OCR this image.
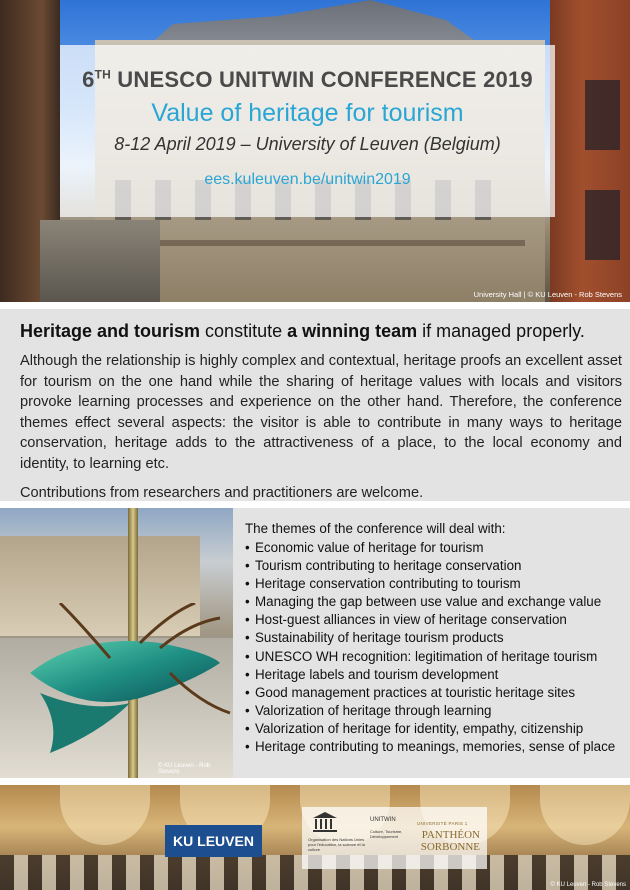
6TH UNESCO UNITWIN CONFERENCE 2019
Value of heritage for tourism
8-12 April 2019 – University of Leuven (Belgium)
ees.kuleuven.be/unitwin2019
University Hall | © KU Leuven - Rob Stevens
Heritage and tourism constitute a winning team if managed properly.
Although the relationship is highly complex and contextual, heritage proofs an excellent asset for tourism on the one hand while the sharing of heritage values with locals and visitors provoke learning processes and experience on the other hand. Therefore, the conference themes effect several aspects: the visitor is able to contribute in many ways to heritage conservation, heritage adds to the attractiveness of a place, to the local economy and identity, to learning etc.
Contributions from researchers and practitioners are welcome.
© KU Leuven - Rob Stevens
The themes of the conference will deal with:
• Economic value of heritage for tourism
• Tourism contributing to heritage conservation
• Heritage conservation contributing to tourism
• Managing the gap between use value and exchange value
• Host-guest alliances in view of heritage conservation
• Sustainability of heritage tourism products
• UNESCO WH recognition: legitimation of heritage tourism
• Heritage labels and tourism development
• Good management practices at touristic heritage sites
• Valorization of heritage through learning
• Valorization of heritage for identity, empathy, citizenship
• Heritage contributing to meanings, memories, sense of place
KU LEUVEN	Organisation des Nations Unies pour l'éducation, la science et la culture
UNITWIN
Culture, Tourisme, Développement
UNIVERSITÉ PARIS 1
PANTHÉON SORBONNE
© KU Leuven - Rob Stevens
